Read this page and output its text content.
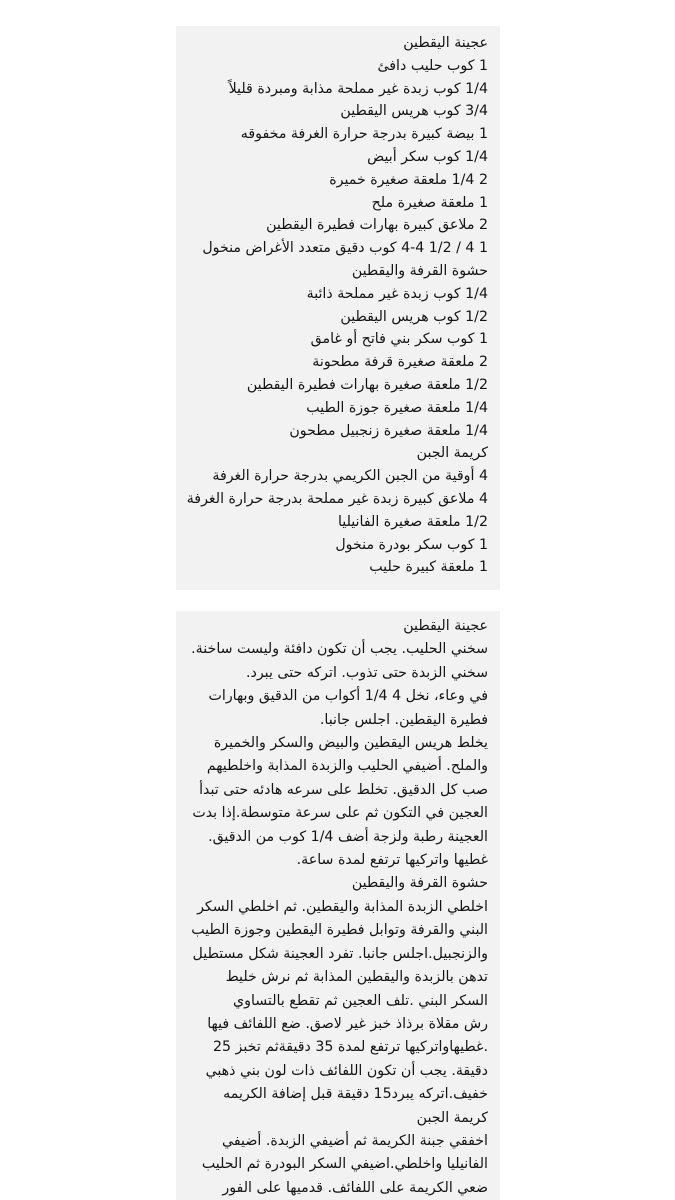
عجينة اليقطين
1 كوب حليب دافئ
1/4 كوب زبدة غير مملحة مذابة ومبردة قليلاً
3/4 كوب هريس اليقطين
1 بيضة كبيرة بدرجة حرارة الغرفة مخفوقه
1/4 كوب سكر أبيض
2 1/4 ملعقة صغيرة خميرة
1 ملعقة صغيرة ملح
2 ملاعق كبيرة بهارات فطيرة اليقطين
1 4 / 1/2 4-4 كوب دقيق متعدد الأغراض منخول
حشوة القرفة واليقطين
1/4 كوب زبدة غير مملحة ذائبة
1/2 كوب هريس اليقطين
1 كوب سكر بني فاتح أو غامق
2 ملعقة صغيرة قرفة مطحونة
1/2 ملعقة صغيرة بهارات فطيرة اليقطين
1/4 ملعقة صغيرة جوزة الطيب
1/4 ملعقة صغيرة زنجبيل مطحون
كريمة الجبن
4 أوقية من الجبن الكريمي بدرجة حرارة الغرفة
4 ملاعق كبيرة زبدة غير مملحة بدرجة حرارة الغرفة
1/2 ملعقة صغيرة الفانيليا
1 كوب سكر بودرة منخول
1 ملعقة كبيرة حليب
عجينة اليقطين
سخني الحليب. يجب أن تكون دافئة وليست ساخنة.
سخني الزبدة حتى تذوب. اتركه حتى يبرد.
في وعاء، نخل 4 1/4 أكواب من الدقيق وبهارات
فطيرة اليقطين. اجلس جانبا.
يخلط هريس اليقطين والبيض والسكر والخميرة
والملح. أضيفي الحليب والزبدة المذابة واخلطيهم
صب كل الدقيق. تخلط على سرعه هادئه حتى تبدأ
العجين في التكون ثم على سرعة متوسطة.إذا بدت
العجينة رطبة ولزجة أضف 1/4 كوب من الدقيق.
غطيها واتركيها ترتفع لمدة ساعة.
حشوة القرفة واليقطين
اخلطي الزبدة المذابة واليقطين. ثم اخلطي السكر
البني والقرفة وتوابل فطيرة اليقطين وجوزة الطيب
والزنجبيل.اجلس جانبا. تفرد العجينة شكل مستطيل
تدهن بالزبدة واليقطين المذابة ثم نرش خليط
السكر البني .تلف العجين ثم تقطع بالتساوي
رش مقلاة برذاذ خبز غير لاصق. ضع اللفائف فيها
.غطيهاواتركيها ترتفع لمدة 35 دقيقةثم تخبز 25
دقيقة. يجب أن تكون اللفائف ذات لون بني ذهبي
خفيف.اتركه يبرد15 دقيقة قبل إضافة الكريمه
كريمة الجبن
اخفقي جبنة الكريمة ثم أضيفي الزبدة. أضيفي
الفانيليا واخلطي.اضيفي السكر البودرة ثم الحليب
ضعي الكريمة على اللفائف. قدميها على الفور
